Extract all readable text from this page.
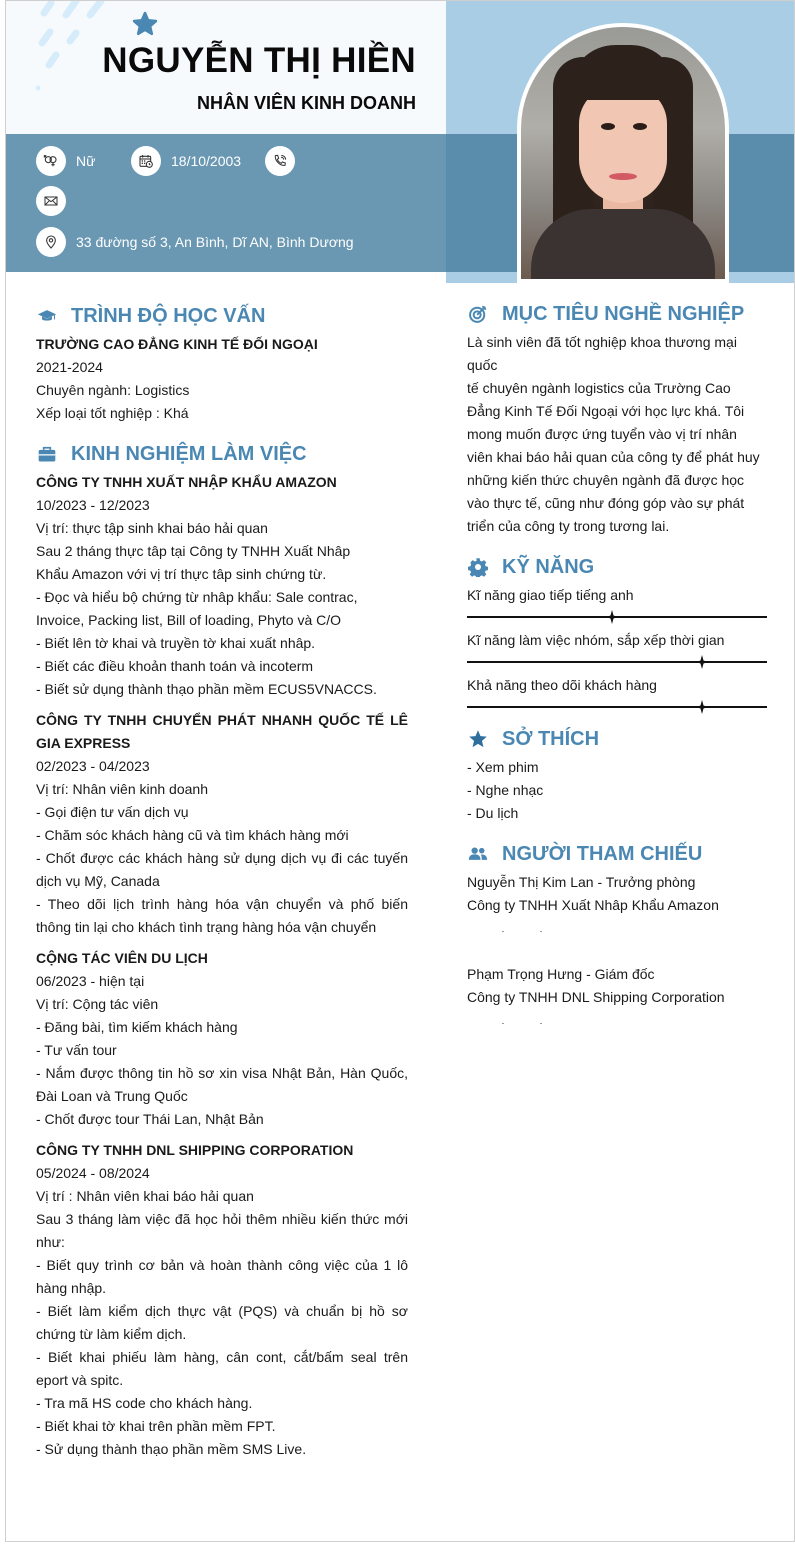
NGUYỄN THỊ HIỀN
NHÂN VIÊN KINH DOANH
Nữ	18/10/2003
33 đường số 3, An Bình, Dĩ AN, Bình Dương
TRÌNH ĐỘ HỌC VẤN
TRƯỜNG CAO ĐẲNG KINH TẾ ĐỐI NGOẠI
2021-2024
Chuyên ngành: Logistics
Xếp loại tốt nghiệp : Khá
KINH NGHIỆM LÀM VIỆC
CÔNG TY TNHH XUẤT NHẬP KHẨU AMAZON
10/2023 - 12/2023
Vị trí: thực tập sinh khai báo hải quan
Sau 2 tháng thực tâp tại Công ty TNHH Xuất Nhâp Khẩu Amazon với vị trí thực tâp sinh chứng từ.
- Đọc và hiểu bộ chứng từ nhâp khẩu: Sale contrac, Invoice, Packing list, Bill of loading, Phyto và C/O
- Biết lên tờ khai và truyền tờ khai xuất nhâp.
- Biết các điều khoản thanh toán và incoterm
- Biết sử dụng thành thạo phần mềm ECUS5VNACCS.
CÔNG TY TNHH CHUYỂN PHÁT NHANH QUỐC TẾ LÊ GIA EXPRESS
02/2023 - 04/2023
Vị trí: Nhân viên kinh doanh
- Gọi điện tư vấn dịch vụ
- Chăm sóc khách hàng cũ và tìm khách hàng mới
- Chốt được các khách hàng sử dụng dịch vụ đi các tuyến dịch vụ Mỹ, Canada
- Theo dõi lịch trình hàng hóa vận chuyển và phố biến thông tin lại cho khách tình trạng hàng hóa vận chuyển
CỘNG TÁC VIÊN DU LỊCH
06/2023 - hiện tại
Vị trí: Cộng tác viên
- Đăng bài, tìm kiếm khách hàng
- Tư vấn tour
- Nắm được thông tin hồ sơ xin visa Nhật Bản, Hàn Quốc, Đài Loan và Trung Quốc
- Chốt được tour Thái Lan, Nhật Bản
CÔNG TY TNHH DNL SHIPPING CORPORATION
05/2024 - 08/2024
Vị trí : Nhân viên khai báo hải quan
Sau 3 tháng làm việc đã học hỏi thêm nhiều kiến thức mới như:
- Biết quy trình cơ bản và hoàn thành công việc của 1 lô hàng nhập.
- Biết làm kiểm dịch thực vật (PQS) và chuẩn bị hồ sơ chứng từ làm kiểm dịch.
- Biết khai phiếu làm hàng, cân cont, cắt/bấm seal trên eport và spitc.
- Tra mã HS code cho khách hàng.
- Biết khai tờ khai trên phần mềm FPT.
- Sử dụng thành thạo phần mềm SMS Live.
MỤC TIÊU NGHỀ NGHIỆP
Là sinh viên đã tốt nghiệp khoa thương mại quốc
tế chuyên ngành logistics của Trường Cao
Đẳng Kinh Tế Đối Ngoại với học lực khá. Tôi
mong muốn được ứng tuyển vào vị trí nhân
viên khai báo hải quan của công ty để phát huy
những kiến thức chuyên ngành đã được học
vào thực tế, cũng như đóng góp vào sự phát
triển của công ty trong tương lai.
KỸ NĂNG
Kĩ năng giao tiếp tiếng anh
Kĩ năng làm việc nhóm, sắp xếp thời gian
Khả năng theo dõi khách hàng
SỞ THÍCH
- Xem phim
- Nghe nhạc
- Du lịch
NGƯỜI THAM CHIẾU
Nguyễn Thị Kim Lan - Trưởng phòng
Công ty TNHH Xuất Nhâp Khẩu Amazon
Phạm Trọng Hưng - Giám đốc
Công ty TNHH DNL Shipping Corporation
